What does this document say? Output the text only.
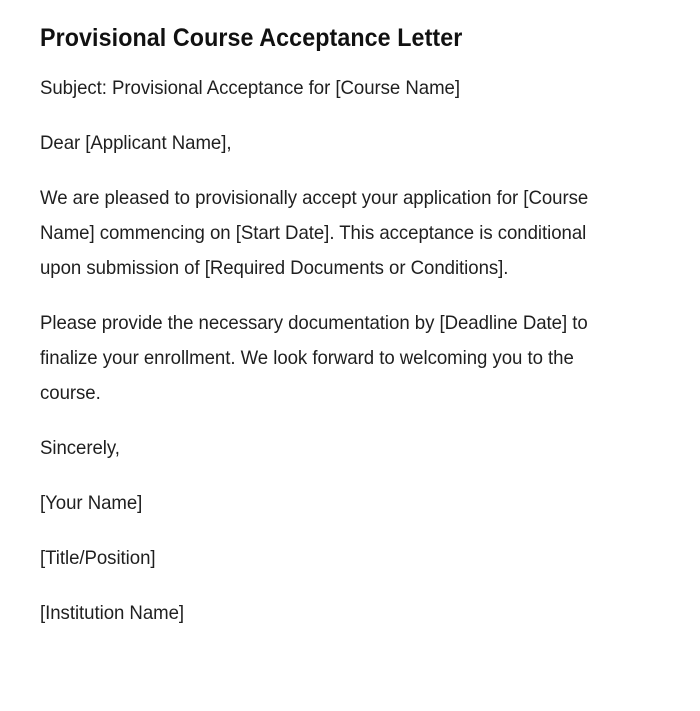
Provisional Course Acceptance Letter

Subject: Provisional Acceptance for [Course Name]

Dear [Applicant Name],

We are pleased to provisionally accept your application for [Course Name] commencing on [Start Date]. This acceptance is conditional upon submission of [Required Documents or Conditions].

Please provide the necessary documentation by [Deadline Date] to finalize your enrollment. We look forward to welcoming you to the course.

Sincerely,

[Your Name]

[Title/Position]

[Institution Name]
